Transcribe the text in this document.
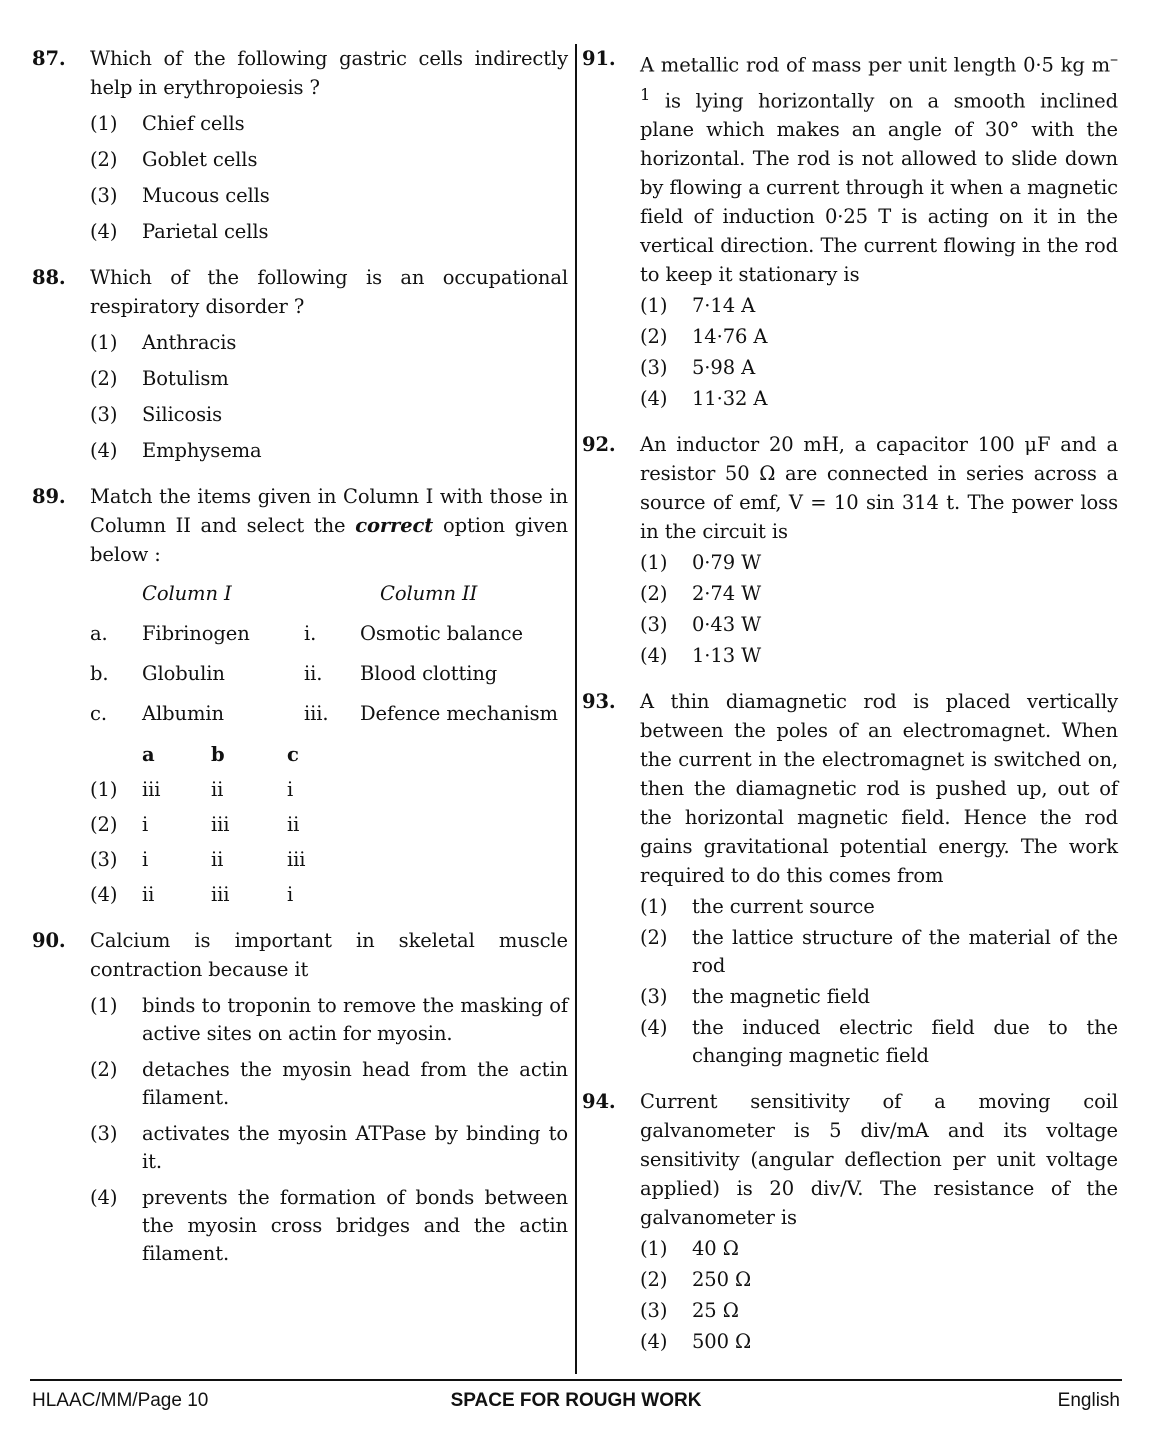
87. Which of the following gastric cells indirectly help in erythropoiesis ?
(1) Chief cells
(2) Goblet cells
(3) Mucous cells
(4) Parietal cells
88. Which of the following is an occupational respiratory disorder ?
(1) Anthracis
(2) Botulism
(3) Silicosis
(4) Emphysema
89. Match the items given in Column I with those in Column II and select the correct option given below :
Column I	Column II
a.	Fibrinogen	i.	Osmotic balance
b.	Globulin	ii.	Blood clotting
c.	Albumin	iii.	Defence mechanism
a	b	c
(1)	iii	ii	i
(2)	i	iii	ii
(3)	i	ii	iii
(4)	ii	iii	i
90. Calcium is important in skeletal muscle contraction because it
(1) binds to troponin to remove the masking of active sites on actin for myosin.
(2) detaches the myosin head from the actin filament.
(3) activates the myosin ATPase by binding to it.
(4) prevents the formation of bonds between the myosin cross bridges and the actin filament.
91. A metallic rod of mass per unit length 0·5 kg $m^{-1}$ is lying horizontally on a smooth inclined plane which makes an angle of 30° with the horizontal. The rod is not allowed to slide down by flowing a current through it when a magnetic field of induction 0·25 T is acting on it in the vertical direction. The current flowing in the rod to keep it stationary is
(1) 7·14 A
(2) 14·76 A
(3) 5·98 A
(4) 11·32 A
92. An inductor 20 mH, a capacitor 100 μF and a resistor 50 Ω are connected in series across a source of emf, V = 10 sin 314 t. The power loss in the circuit is
(1) 0·79 W
(2) 2·74 W
(3) 0·43 W
(4) 1·13 W
93. A thin diamagnetic rod is placed vertically between the poles of an electromagnet. When the current in the electromagnet is switched on, then the diamagnetic rod is pushed up, out of the horizontal magnetic field. Hence the rod gains gravitational potential energy. The work required to do this comes from
(1) the current source
(2) the lattice structure of the material of the rod
(3) the magnetic field
(4) the induced electric field due to the changing magnetic field
94. Current sensitivity of a moving coil galvanometer is 5 div/mA and its voltage sensitivity (angular deflection per unit voltage applied) is 20 div/V. The resistance of the galvanometer is
(1) 40 Ω
(2) 250 Ω
(3) 25 Ω
(4) 500 Ω
SPACE FOR ROUGH WORK
HLAAC/MM/Page 10	English
